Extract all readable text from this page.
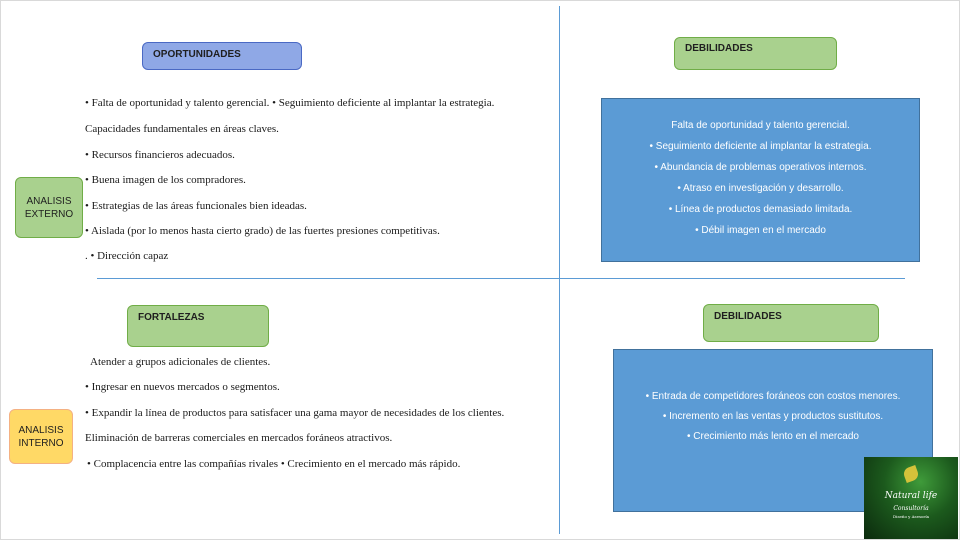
OPORTUNIDADES
DEBILIDADES
FORTALEZAS	DEBILIDADES
ANALISIS EXTERNO
ANALISIS INTERNO
• Falta de oportunidad y talento gerencial. • Seguimiento deficiente al implantar la estrategia.
Capacidades fundamentales en áreas claves.
• Recursos financieros adecuados.
• Buena imagen de los compradores.
• Estrategias de las áreas funcionales bien ideadas.
• Aislada (por lo menos hasta cierto grado) de las fuertes presiones competitivas.
. • Dirección capaz
Falta de oportunidad y talento gerencial.
• Seguimiento deficiente al implantar la estrategia.
• Abundancia de problemas operativos internos.
• Atraso en investigación y desarrollo.
• Línea de productos demasiado limitada.
• Débil imagen en el mercado
Atender a grupos adicionales de clientes.
• Ingresar en nuevos mercados o segmentos.
• Expandir la línea de productos para satisfacer una gama mayor de necesidades de los clientes.
Eliminación de barreras comerciales en mercados foráneos atractivos.
• Complacencia entre las compañías rivales • Crecimiento en el mercado más rápido.
• Entrada de competidores foráneos con costos menores.
• Incremento en las ventas y productos sustitutos.
• Crecimiento más lento en el mercado
Natural life
Consultoría
Diseño y Asesoría
